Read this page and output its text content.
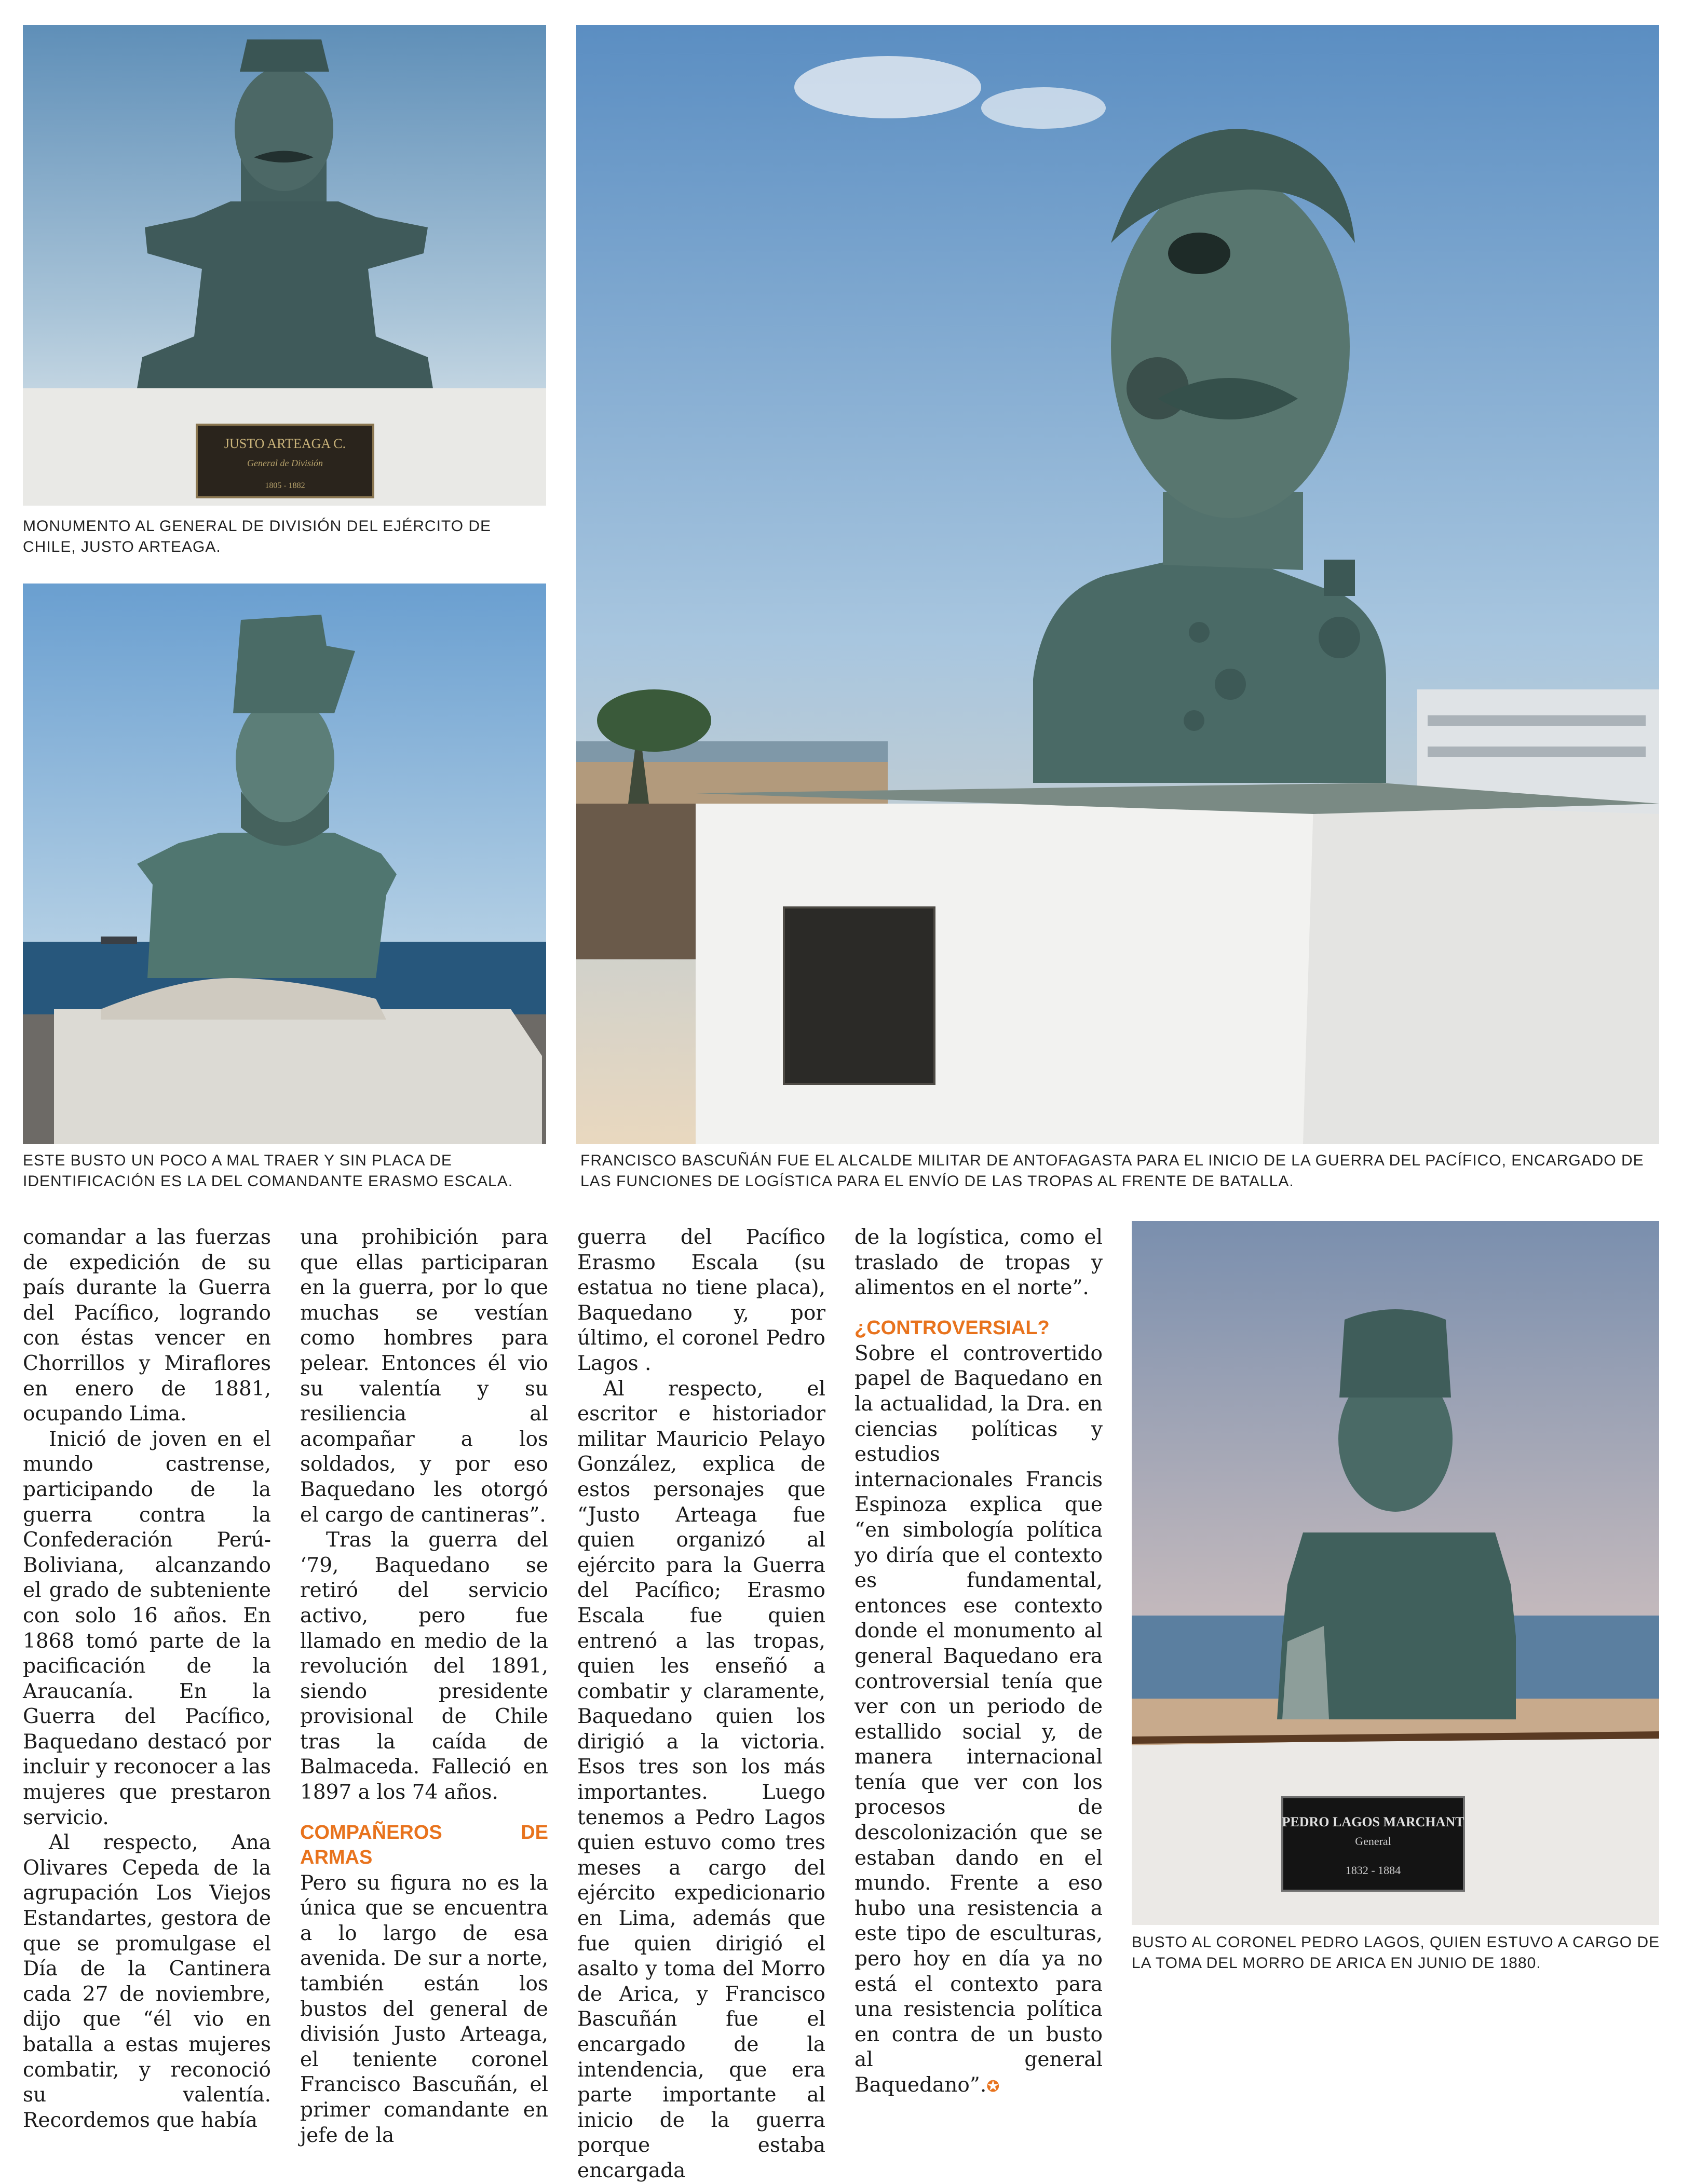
JUSTO ARTEAGA C.
General de División
1805 - 1882

MONUMENTO AL GENERAL DE DIVISIÓN DEL EJÉRCITO DE CHILE, JUSTO ARTEAGA.

ESTE BUSTO UN POCO A MAL TRAER Y SIN PLACA DE IDENTIFICACIÓN ES LA DEL COMANDANTE ERASMO ESCALA.

FRANCISCO BASCUÑÁN FUE EL ALCALDE MILITAR DE ANTOFAGASTA PARA EL INICIO DE LA GUERRA DEL PACÍFICO, ENCARGADO DE LAS FUNCIONES DE LOGÍSTICA PARA EL ENVÍO DE LAS TROPAS AL FRENTE DE BATALLA.

PEDRO LAGOS MARCHANT
General
1832 - 1884

BUSTO AL CORONEL PEDRO LAGOS, QUIEN ESTUVO A CARGO DE LA TOMA DEL MORRO DE ARICA EN JUNIO DE 1880.

comandar a las fuerzas de expedición de su país durante la Guerra del Pacífico, logrando con éstas vencer en Chorrillos y Miraflores en enero de 1881, ocupando Lima.

Inició de joven en el mundo castrense, participando de la guerra contra la Confederación Perú-Boliviana, alcanzando el grado de subteniente con solo 16 años. En 1868 tomó parte de la pacificación de la Araucanía. En la Guerra del Pacífico, Baquedano destacó por incluir y reconocer a las mujeres que prestaron servicio.

Al respecto, Ana Olivares Cepeda de la agrupación Los Viejos Estandartes, gestora de que se promulgase el Día de la Cantinera cada 27 de noviembre, dijo que “él vio en batalla a estas mujeres combatir, y reconoció su valentía. Recordemos que había

una prohibición para que ellas participaran en la guerra, por lo que muchas se vestían como hombres para pelear. Entonces él vio su valentía y su resiliencia al acompañar a los soldados, y por eso Baquedano les otorgó el cargo de cantineras”.

Tras la guerra del ‘79, Baquedano se retiró del servicio activo, pero fue llamado en medio de la revolución del 1891, siendo presidente provisional de Chile tras la caída de Balmaceda. Falleció en 1897 a los 74 años.

COMPAÑEROS DE ARMAS

Pero su figura no es la única que se encuentra a lo largo de esa avenida. De sur a norte, también están los bustos del general de división Justo Arteaga, el teniente coronel Francisco Bascuñán, el primer comandante en jefe de la

guerra del Pacífico Erasmo Escala (su estatua no tiene placa), Baquedano y, por último, el coronel Pedro Lagos .

Al respecto, el escritor e historiador militar Mauricio Pelayo González, explica de estos personajes que “Justo Arteaga fue quien organizó al ejército para la Guerra del Pacífico; Erasmo Escala fue quien entrenó a las tropas, quien les enseñó a combatir y claramente, Baquedano quien los dirigió a la victoria. Esos tres son los más importantes. Luego tenemos a Pedro Lagos quien estuvo como tres meses a cargo del ejército expedicionario en Lima, además que fue quien dirigió el asalto y toma del Morro de Arica, y Francisco Bascuñán fue el encargado de la intendencia, que era parte importante al inicio de la guerra porque estaba encargada

de la logística, como el traslado de tropas y alimentos en el norte”.

¿CONTROVERSIAL?

Sobre el controvertido papel de Baquedano en la actualidad, la Dra. en ciencias políticas y estudios internacionales Francis Espinoza explica que “en simbología política yo diría que el contexto es fundamental, entonces ese contexto donde el monumento al general Baquedano era controversial tenía que ver con un periodo de estallido social y, de manera internacional tenía que ver con los procesos de descolonización que se estaban dando en el mundo. Frente a eso hubo una resistencia a este tipo de esculturas, pero hoy en día ya no está el contexto para una resistencia política en contra de un busto al general Baquedano”.✪
